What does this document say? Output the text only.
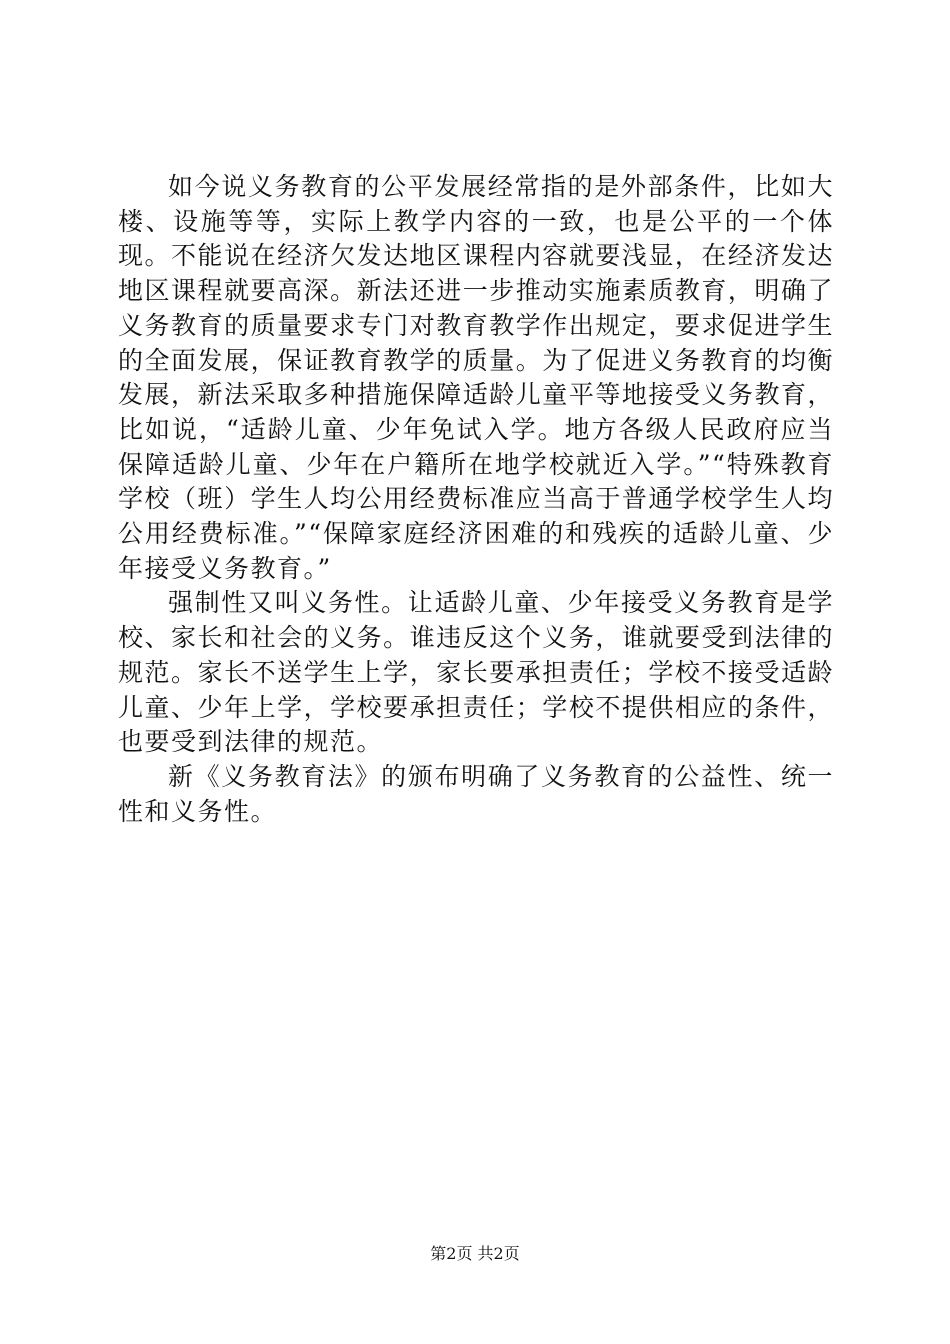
如今说义务教育的公平发展经常指的是外部条件，比如大楼、设施等等，实际上教学内容的一致，也是公平的一个体现。不能说在经济欠发达地区课程内容就要浅显，在经济发达地区课程就要高深。新法还进一步推动实施素质教育，明确了义务教育的质量要求专门对教育教学作出规定，要求促进学生的全面发展，保证教育教学的质量。为了促进义务教育的均衡发展，新法采取多种措施保障适龄儿童平等地接受义务教育，比如说，“适龄儿童、少年免试入学。地方各级人民政府应当保障适龄儿童、少年在户籍所在地学校就近入学。”“特殊教育学校（班）学生人均公用经费标准应当高于普通学校学生人均公用经费标准。”“保障家庭经济困难的和残疾的适龄儿童、少年接受义务教育。”

强制性又叫义务性。让适龄儿童、少年接受义务教育是学校、家长和社会的义务。谁违反这个义务，谁就要受到法律的规范。家长不送学生上学，家长要承担责任；学校不接受适龄儿童、少年上学，学校要承担责任；学校不提供相应的条件，也要受到法律的规范。

新《义务教育法》的颁布明确了义务教育的公益性、统一性和义务性。

第2页 共2页
